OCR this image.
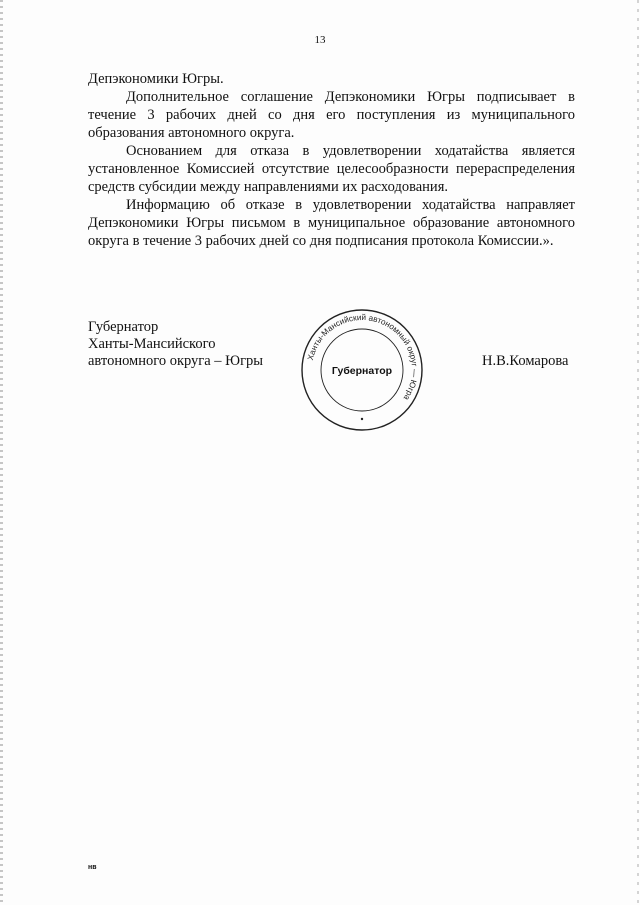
13

Депэкономики Югры.

Дополнительное соглашение Депэкономики Югры подписывает в течение 3 рабочих дней со дня его поступления из муниципального образования автономного округа.

Основанием для отказа в удовлетворении ходатайства является установленное Комиссией отсутствие целесообразности перераспределения средств субсидии между направлениями их расходования.

Информацию об отказе в удовлетворении ходатайства направляет Депэкономики Югры письмом в муниципальное образование автономного округа в течение 3 рабочих дней со дня подписания протокола Комиссии.».

Губернатор
Ханты-Мансийского
автономного округа – Югры	Ханты-Мансийский автономный округ — Югра
Губернатор
Н.В.Комарова
нв
